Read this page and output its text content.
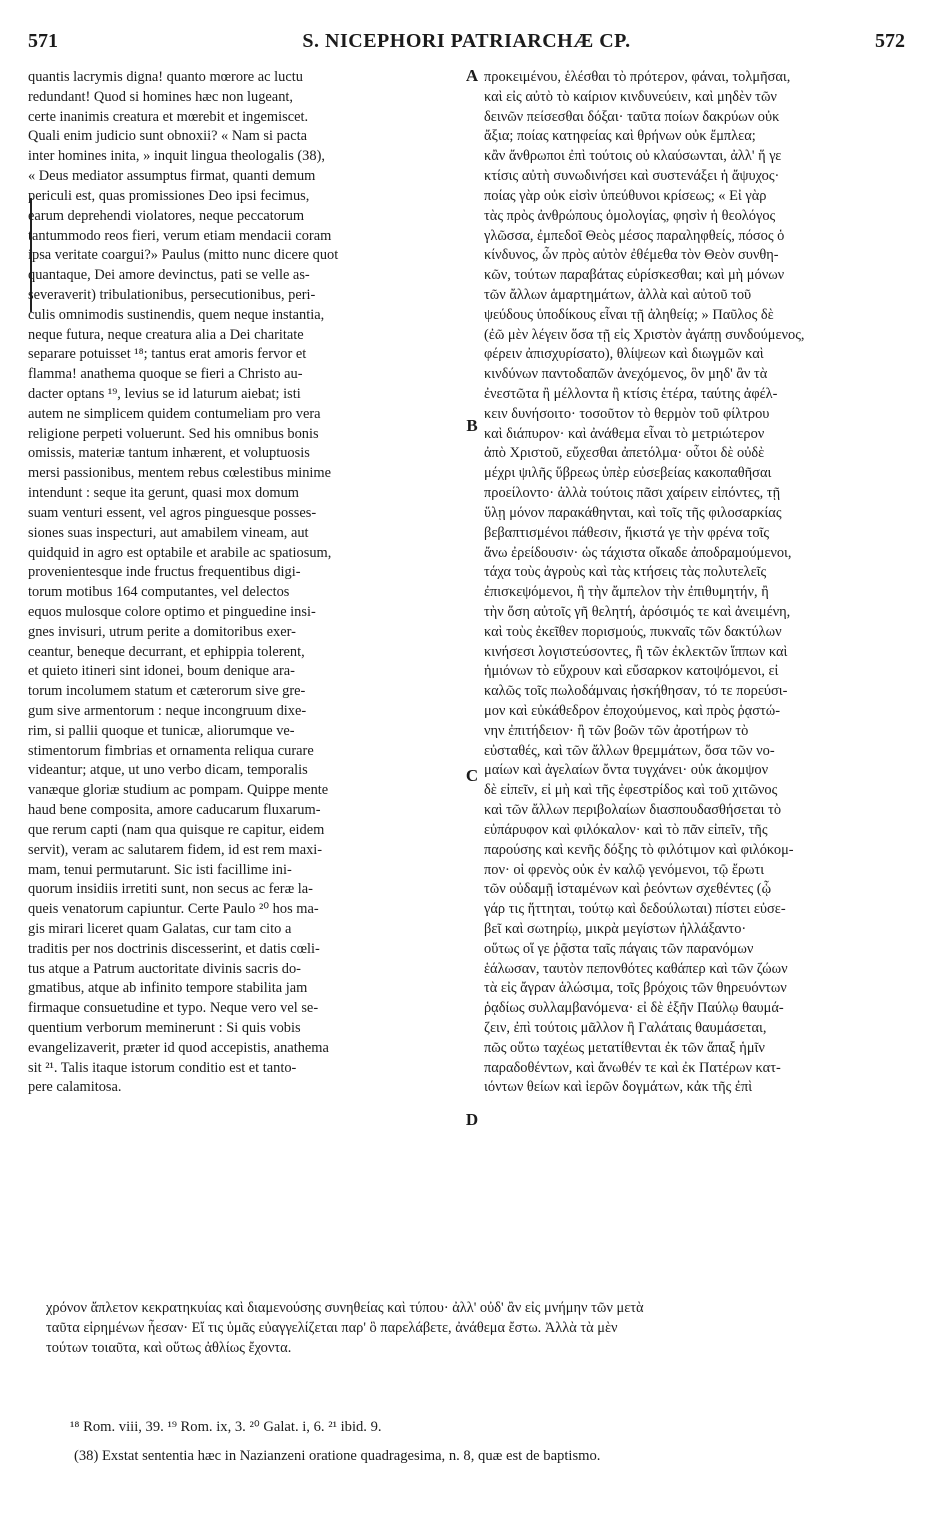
571	S. NICEPHORI PATRIARCHÆ CP.	572
quantis lacrymis digna! quanto mœrore ac luctu
redundant! Quod si homines hæc non lugeant,
certe inanimis creatura et mœrebit et ingemiscet.
Quali enim judicio sunt obnoxii? « Nam si pacta
inter homines inita, » inquit lingua theologalis (38),
« Deus mediator assumptus firmat, quanti demum
periculi est, quas promissiones Deo ipsi fecimus,
earum deprehendi violatores, neque peccatorum
tantummodo reos fieri, verum etiam mendacii coram
ipsa veritate coargui?» Paulus (mitto nunc dicere quot
quantaque, Dei amore devinctus, pati se velle as-
severaverit) tribulationibus, persecutionibus, peri-
culis omnimodis sustinendis, quem neque instantia,
neque futura, neque creatura alia a Dei charitate
separare potuisset ¹⁸; tantus erat amoris fervor et
flamma! anathema quoque se fieri a Christo au-
dacter optans ¹⁹, levius se id laturum aiebat; isti
autem ne simplicem quidem contumeliam pro vera
religione perpeti voluerunt. Sed his omnibus bonis
omissis, materiæ tantum inhærent, et voluptuosis
mersi passionibus, mentem rebus cœlestibus minime
intendunt : seque ita gerunt, quasi mox domum
suam venturi essent, vel agros pinguesque posses-
siones suas inspecturi, aut amabilem vineam, aut
quidquid in agro est optabile et arabile ac spatiosum,
provenientesque inde fructus frequentibus digi-
torum motibus 164 computantes, vel delectos
equos mulosque colore optimo et pinguedine insi-
gnes invisuri, utrum perite a domitoribus exer-
ceantur, beneque decurrant, et ephippia tolerent,
et quieto itineri sint idonei, boum denique ara-
torum incolumem statum et cæterorum sive gre-
gum sive armentorum : neque incongruum dixe-
rim, si pallii quoque et tunicæ, aliorumque ve-
stimentorum fimbrias et ornamenta reliqua curare
videantur; atque, ut uno verbo dicam, temporalis
vanæque gloriæ studium ac pompam. Quippe mente
haud bene composita, amore caducarum fluxarum-
que rerum capti (nam qua quisque re capitur, eidem
servit), veram ac salutarem fidem, id est rem maxi-
mam, tenui permutarunt. Sic isti facillime ini-
quorum insidiis irretiti sunt, non secus ac feræ la-
queis venatorum capiuntur. Certe Paulo ²⁰ hos ma-
gis mirari liceret quam Galatas, cur tam cito a
traditis per nos doctrinis discesserint, et datis cœli-
tus atque a Patrum auctoritate divinis sacris do-
gmatibus, atque ab infinito tempore stabilita jam
firmaque consuetudine et typo. Neque vero vel se-
quentium verborum meminerunt : Si quis vobis
evangelizaverit, præter id quod accepistis, anathema
sit ²¹. Talis itaque istorum conditio est et tanto-
pere calamitosa.
προκειμένου, ἑλέσθαι τὸ πρότερον, φάναι, τολμῆσαι,
καὶ εἰς αὐτὸ τὸ καίριον κινδυνεύειν, καὶ μηδὲν τῶν
δεινῶν πείσεσθαι δόξαι· ταῦτα ποίων δακρύων οὐκ
ἄξια; ποίας κατηφείας καὶ θρήνων οὐκ ἔμπλεα;
κἂν ἄνθρωποι ἐπὶ τούτοις οὐ κλαύσωνται, ἀλλ' ἥ γε
κτίσις αὐτὴ συνωδινήσει καὶ συστενάξει ἡ ἄψυχος·
ποίας γὰρ οὐκ εἰσὶν ὑπεύθυνοι κρίσεως; « Εἰ γὰρ
τὰς πρὸς ἀνθρώπους ὁμολογίας, φησὶν ἡ θεολόγος
γλῶσσα, ἐμπεδοῖ Θεὸς μέσος παραληφθείς, πόσος ὁ
κίνδυνος, ὧν πρὸς αὐτὸν ἐθέμεθα τὸν Θεὸν συνθη-
κῶν, τούτων παραβάτας εὑρίσκεσθαι; καὶ μὴ μόνων
τῶν ἄλλων ἁμαρτημάτων, ἀλλὰ καὶ αὐτοῦ τοῦ
ψεύδους ὑποδίκους εἶναι τῇ ἀληθείᾳ; » Παῦλος δὲ
(ἐῶ μὲν λέγειν ὅσα τῇ εἰς Χριστὸν ἀγάπῃ συνδούμενος,
φέρειν ἀπισχυρίσατο), θλίψεων καὶ διωγμῶν καὶ
κινδύνων παντοδαπῶν ἀνεχόμενος, ὃν μηδ' ἂν τὰ
ἐνεστῶτα ἢ μέλλοντα ἢ κτίσις ἑτέρα, ταύτης ἀφέλ-
κειν δυνήσοιτο· τοσοῦτον τὸ θερμὸν τοῦ φίλτρου
καὶ διάπυρον· καὶ ἀνάθεμα εἶναι τὸ μετριώτερον
ἀπὸ Χριστοῦ, εὔχεσθαι ἀπετόλμα· οὗτοι δὲ οὐδὲ
μέχρι ψιλῆς ὕβρεως ὑπὲρ εὐσεβείας κακοπαθῆσαι
προείλοντο· ἀλλὰ τούτοις πᾶσι χαίρειν εἰπόντες, τῇ
ὕλῃ μόνον παρακάθηνται, καὶ τοῖς τῆς φιλοσαρκίας
βεβαπτισμένοι πάθεσιν, ἥκιστά γε τὴν φρένα τοῖς
ἄνω ἐρείδουσιν· ὡς τάχιστα οἴκαδε ἀποδραμούμενοι,
τάχα τοὺς ἀγροὺς καὶ τὰς κτήσεις τὰς πολυτελεῖς
ἐπισκεψόμενοι, ἢ τὴν ἄμπελον τὴν ἐπιθυμητήν, ἢ
τὴν ὅση αὐτοῖς γῆ θελητή, ἀρόσιμός τε καὶ ἀνειμένη,
καὶ τοὺς ἐκεῖθεν πορισμούς, πυκναῖς τῶν δακτύλων
κινήσεσι λογιστεύσοντες, ἢ τῶν ἐκλεκτῶν ἵππων καὶ
ἡμιόνων τὸ εὔχρουν καὶ εὔσαρκον κατοψόμενοι, εἰ
καλῶς τοῖς πωλοδάμναις ἠσκήθησαν, τό τε πορεύσι-
μον καὶ εὐκάθεδρον ἐποχούμενος, καὶ πρὸς ῥᾳστώ-
νην ἐπιτήδειον· ἢ τῶν βοῶν τῶν ἀροτήρων τὸ
εὐσταθές, καὶ τῶν ἄλλων θρεμμάτων, ὅσα τῶν νο-
μαίων καὶ ἀγελαίων ὄντα τυγχάνει· οὐκ ἀκομψον
δὲ εἰπεῖν, εἰ μὴ καὶ τῆς ἐφεστρίδος καὶ τοῦ χιτῶνος
καὶ τῶν ἄλλων περιβολαίων διασπουδασθήσεται τὸ
εὐπάρυφον καὶ φιλόκαλον· καὶ τὸ πᾶν εἰπεῖν, τῆς
παρούσης καὶ κενῆς δόξης τὸ φιλότιμον καὶ φιλόκομ-
πον· οἱ φρενὸς οὐκ ἐν καλῷ γενόμενοι, τῷ ἔρωτι
τῶν οὐδαμῇ ἱσταμένων καὶ ῥεόντων σχεθέντες (ᾧ
γάρ τις ἥττηται, τούτῳ καὶ δεδούλωται) πίστει εὐσε-
βεῖ καὶ σωτηρίῳ, μικρὰ μεγίστων ἠλλάξαντο·
οὕτως οἵ γε ῥᾷστα ταῖς πάγαις τῶν παρανόμων
ἑάλωσαν, ταυτὸν πεπονθότες καθάπερ καὶ τῶν ζώων
τὰ εἰς ἄγραν ἁλώσιμα, τοῖς βρόχοις τῶν θηρευόντων
ῥᾳδίως συλλαμβανόμενα· εἰ δὲ ἐξῆν Παύλῳ θαυμά-
ζειν, ἐπὶ τούτοις μᾶλλον ἢ Γαλάταις θαυμάσεται,
πῶς οὕτω ταχέως μετατίθενται ἐκ τῶν ἅπαξ ἡμῖν
παραδοθέντων, καὶ ἄνωθέν τε καὶ ἐκ Πατέρων κατ-
ιόντων θείων καὶ ἱερῶν δογμάτων, κἀκ τῆς ἐπὶ
A
B
C
D
χρόνον ἄπλετον κεκρατηκυίας καὶ διαμενούσης συνηθείας καὶ τύπου· ἀλλ' οὐδ' ἂν εἰς μνήμην τῶν μετὰ
ταῦτα εἰρημένων ἦεσαν· Εἴ τις ὑμᾶς εὐαγγελίζεται παρ' ὃ παρελάβετε, ἀνάθεμα ἔστω. Ἀλλὰ τὰ μὲν
τούτων τοιαῦτα, καὶ οὕτως ἀθλίως ἔχοντα.
¹⁸ Rom. viii, 39. ¹⁹ Rom. ix, 3. ²⁰ Galat. i, 6. ²¹ ibid. 9.
(38) Exstat sententia hæc in Nazianzeni oratione quadragesima, n. 8, quæ est de baptismo.
